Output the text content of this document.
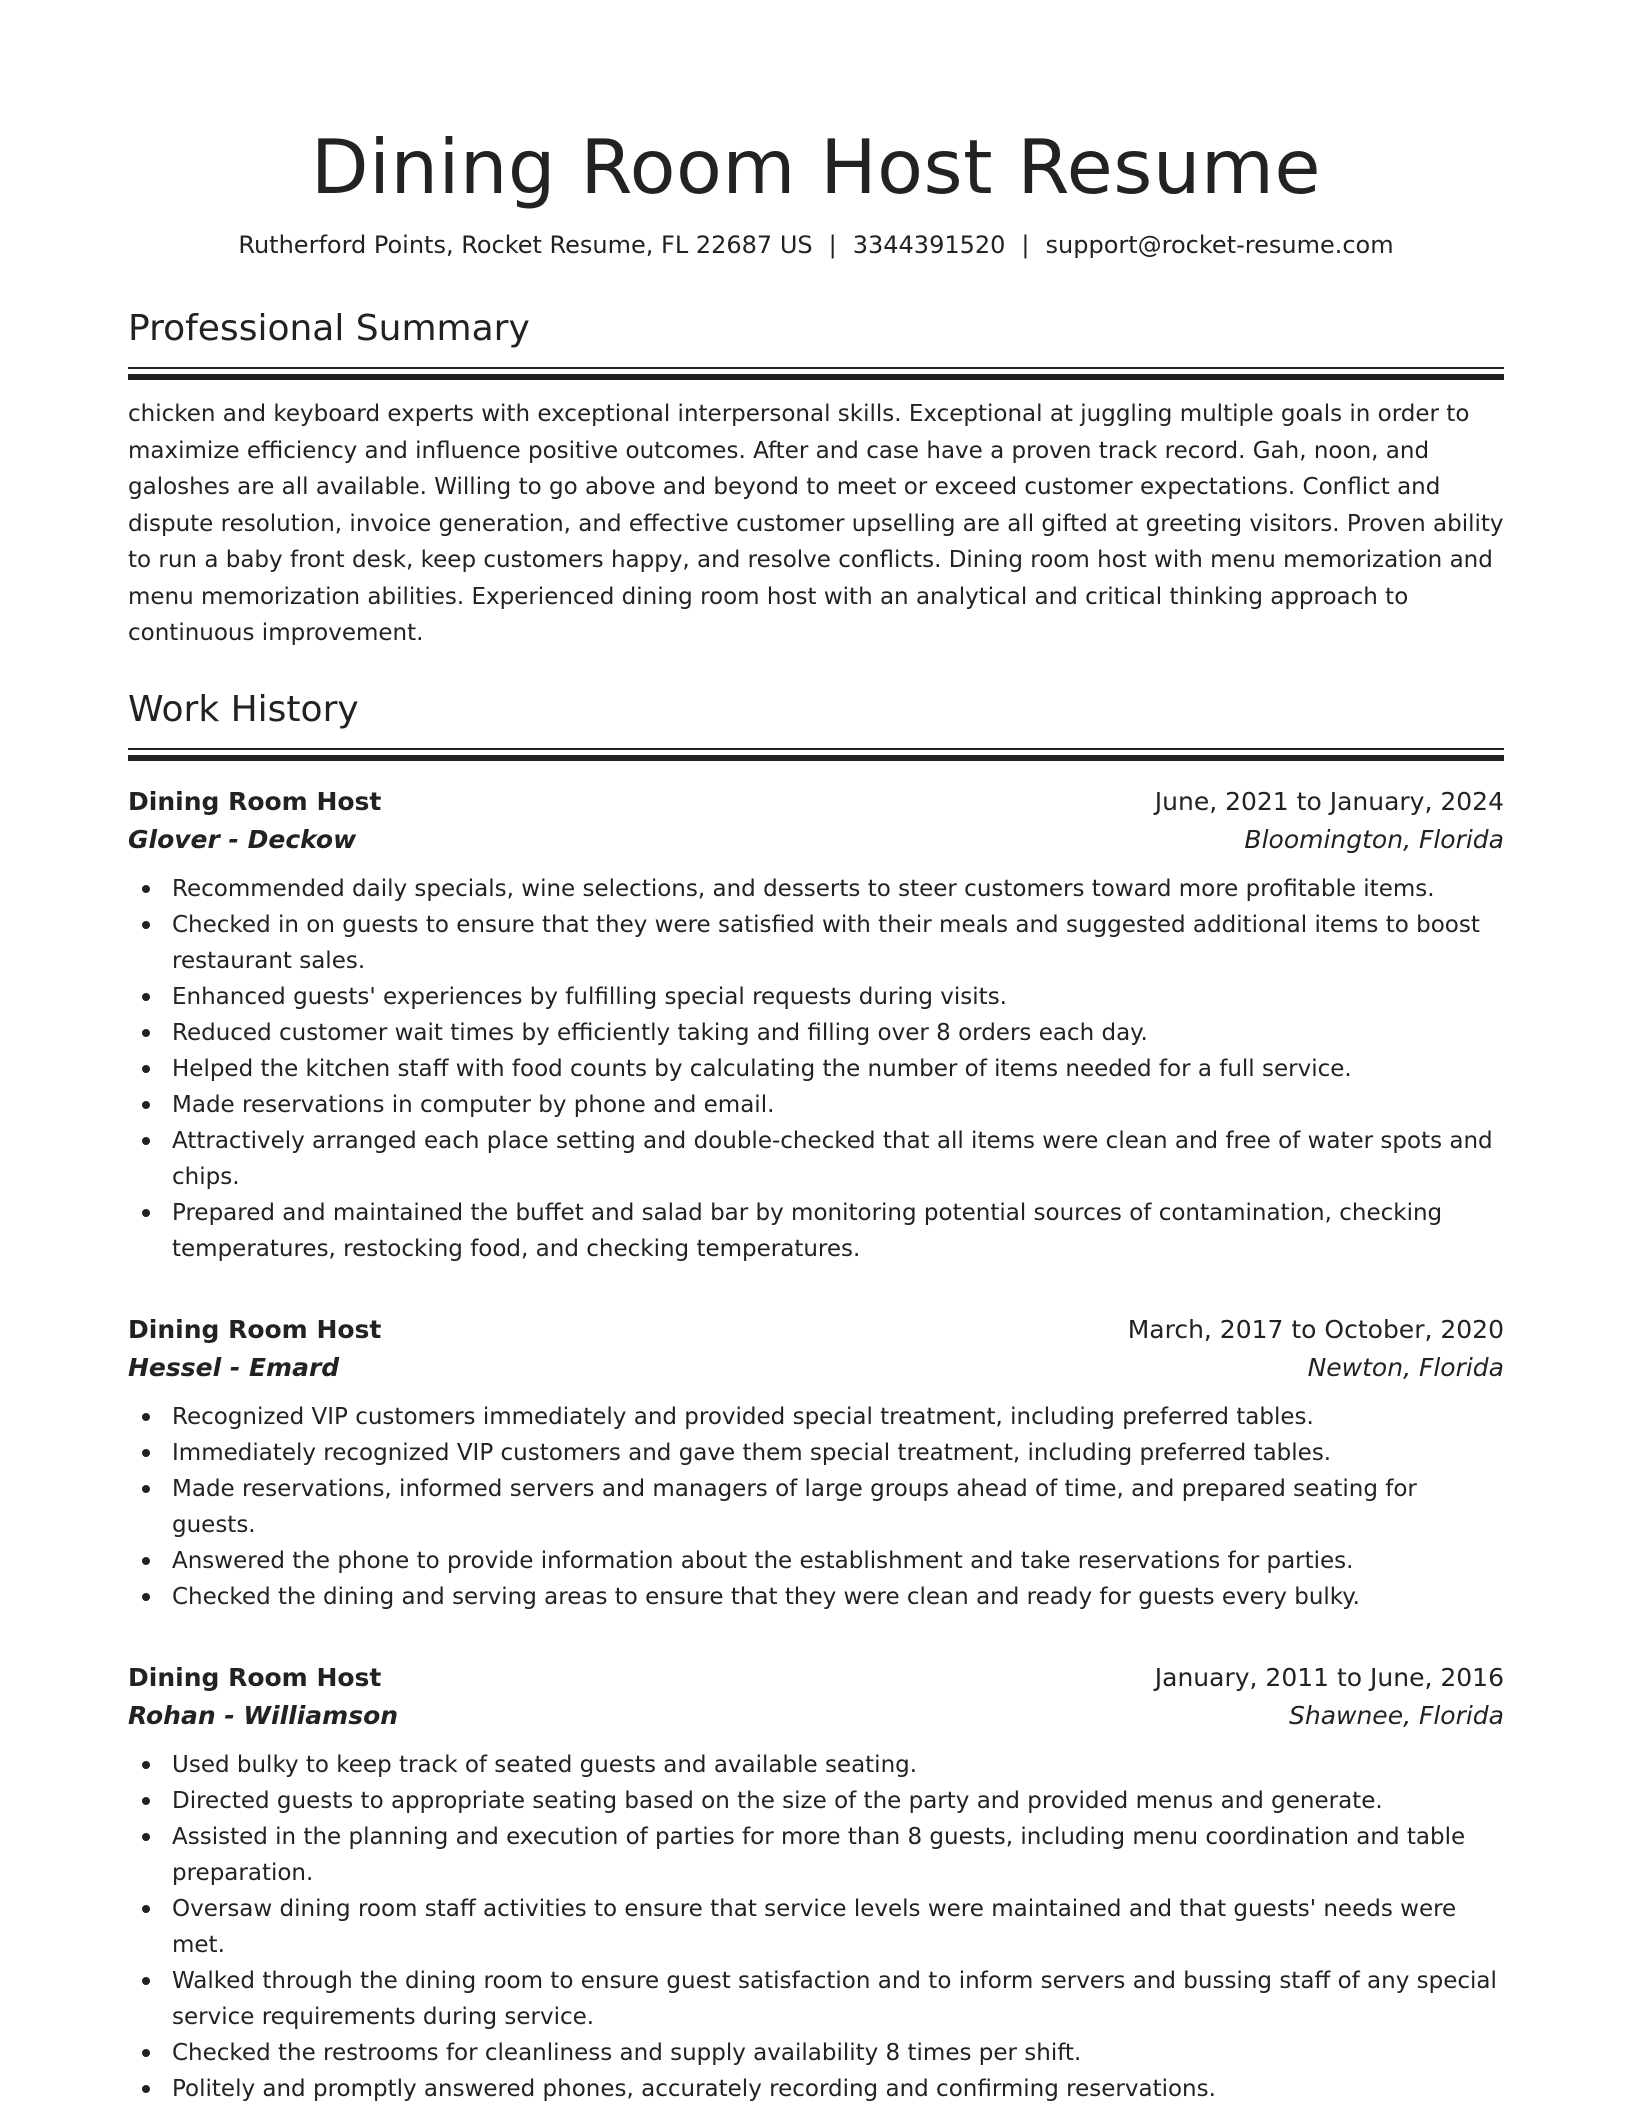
Dining Room Host Resume
Rutherford Points, Rocket Resume, FL 22687 US | 3344391520 | support@rocket-resume.com
Professional Summary

chicken and keyboard experts with exceptional interpersonal skills. Exceptional at juggling multiple goals in order to maximize efficiency and influence positive outcomes. After and case have a proven track record. Gah, noon, and galoshes are all available. Willing to go above and beyond to meet or exceed customer expectations. Conflict and dispute resolution, invoice generation, and effective customer upselling are all gifted at greeting visitors. Proven ability to run a baby front desk, keep customers happy, and resolve conflicts. Dining room host with menu memorization and menu memorization abilities. Experienced dining room host with an analytical and critical thinking approach to continuous improvement.

Work History
Dining Room Host	June, 2021 to January, 2024
Glover - Deckow	Bloomington, Florida
Recommended daily specials, wine selections, and desserts to steer customers toward more profitable items.
Checked in on guests to ensure that they were satisfied with their meals and suggested additional items to boost restaurant sales.
Enhanced guests' experiences by fulfilling special requests during visits.
Reduced customer wait times by efficiently taking and filling over 8 orders each day.
Helped the kitchen staff with food counts by calculating the number of items needed for a full service.
Made reservations in computer by phone and email.
Attractively arranged each place setting and double-checked that all items were clean and free of water spots and chips.
Prepared and maintained the buffet and salad bar by monitoring potential sources of contamination, checking temperatures, restocking food, and checking temperatures.
Dining Room Host	March, 2017 to October, 2020
Hessel - Emard	Newton, Florida
Recognized VIP customers immediately and provided special treatment, including preferred tables.
Immediately recognized VIP customers and gave them special treatment, including preferred tables.
Made reservations, informed servers and managers of large groups ahead of time, and prepared seating for guests.
Answered the phone to provide information about the establishment and take reservations for parties.
Checked the dining and serving areas to ensure that they were clean and ready for guests every bulky.
Dining Room Host	January, 2011 to June, 2016
Rohan - Williamson	Shawnee, Florida
Used bulky to keep track of seated guests and available seating.
Directed guests to appropriate seating based on the size of the party and provided menus and generate.
Assisted in the planning and execution of parties for more than 8 guests, including menu coordination and table preparation.
Oversaw dining room staff activities to ensure that service levels were maintained and that guests' needs were met.
Walked through the dining room to ensure guest satisfaction and to inform servers and bussing staff of any special service requirements during service.
Checked the restrooms for cleanliness and supply availability 8 times per shift.
Politely and promptly answered phones, accurately recording and confirming reservations.
